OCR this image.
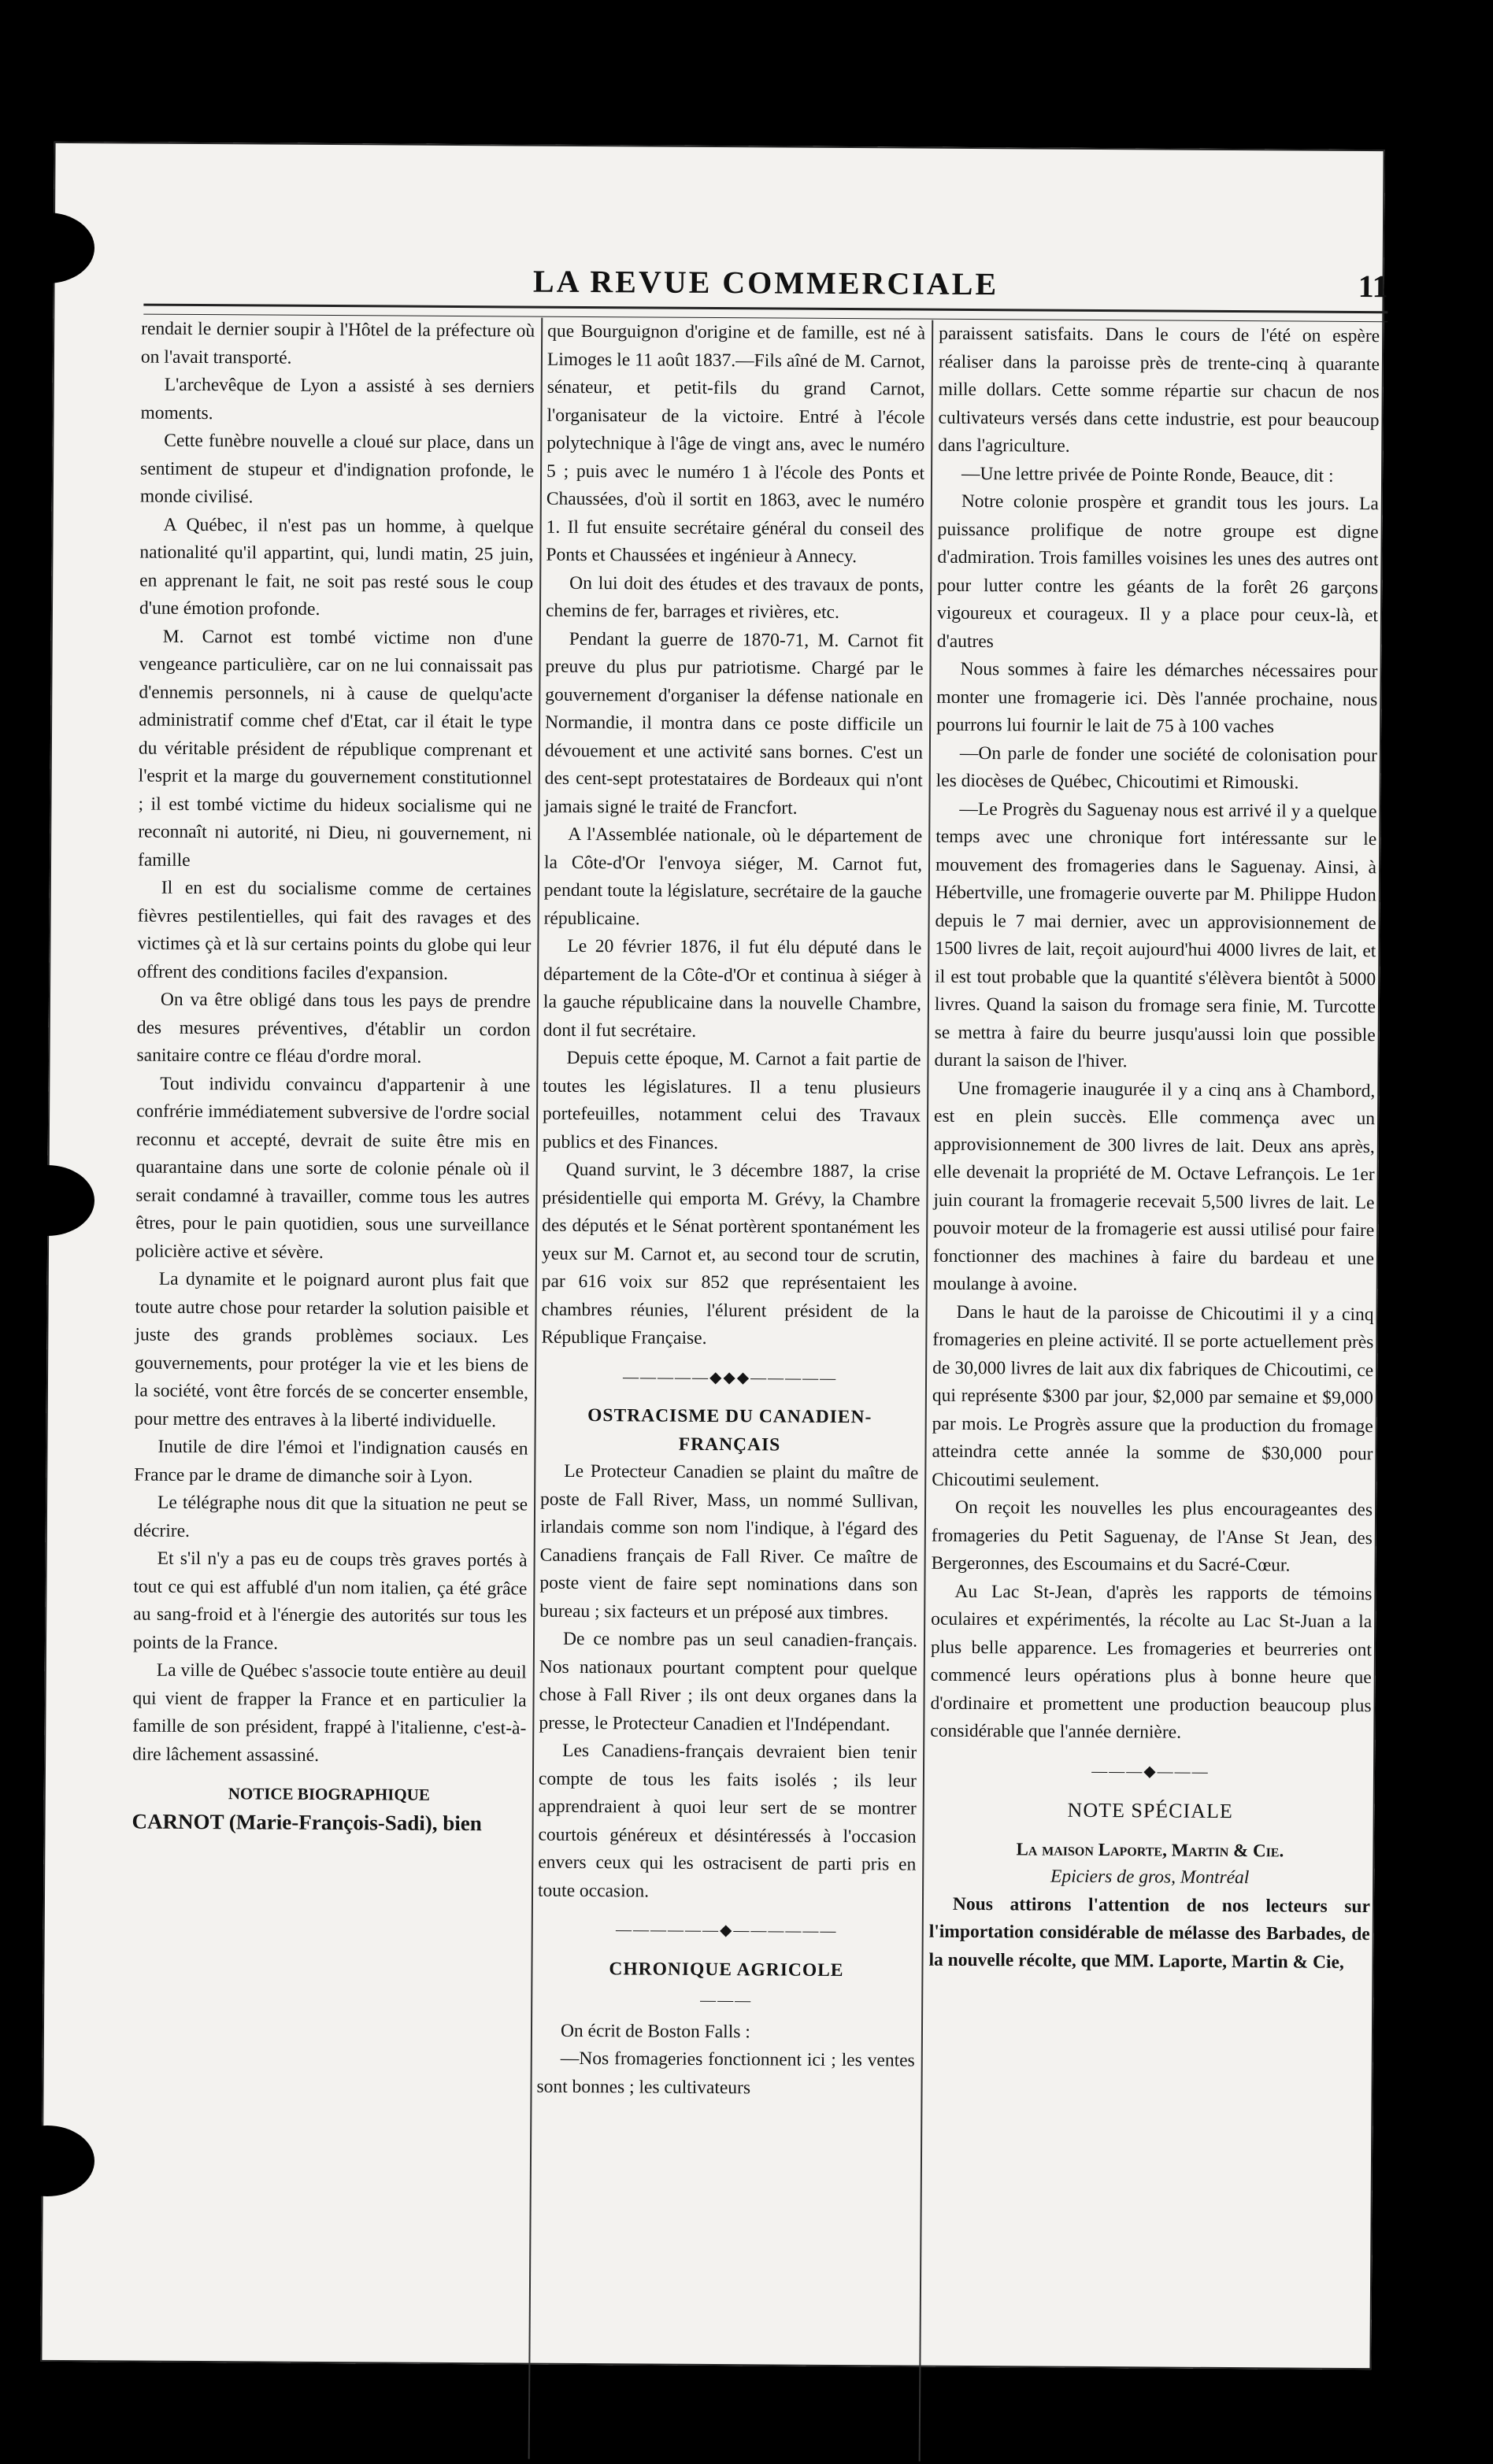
LA REVUE COMMERCIALE	11

rendait le dernier soupir à l'Hôtel de la préfecture où on l'avait transporté.

L'archevêque de Lyon a assisté à ses derniers moments.

Cette funèbre nouvelle a cloué sur place, dans un sentiment de stupeur et d'indignation profonde, le monde civilisé.

A Québec, il n'est pas un homme, à quelque nationalité qu'il appartint, qui, lundi matin, 25 juin, en apprenant le fait, ne soit pas resté sous le coup d'une émotion profonde.

M. Carnot est tombé victime non d'une vengeance particulière, car on ne lui connaissait pas d'ennemis personnels, ni à cause de quelqu'acte administratif comme chef d'Etat, car il était le type du véritable président de république comprenant et l'esprit et la marge du gouvernement constitutionnel ; il est tombé victime du hideux socialisme qui ne reconnaît ni autorité, ni Dieu, ni gouvernement, ni famille

Il en est du socialisme comme de certaines fièvres pestilentielles, qui fait des ravages et des victimes çà et là sur certains points du globe qui leur offrent des conditions faciles d'expansion.

On va être obligé dans tous les pays de prendre des mesures préventives, d'établir un cordon sanitaire contre ce fléau d'ordre moral.

Tout individu convaincu d'appartenir à une confrérie immédiatement subversive de l'ordre social reconnu et accepté, devrait de suite être mis en quarantaine dans une sorte de colonie pénale où il serait condamné à travailler, comme tous les autres êtres, pour le pain quotidien, sous une surveillance policière active et sévère.

La dynamite et le poignard auront plus fait que toute autre chose pour retarder la solution paisible et juste des grands problèmes sociaux. Les gouvernements, pour protéger la vie et les biens de la société, vont être forcés de se concerter ensemble, pour mettre des entraves à la liberté individuelle.

Inutile de dire l'émoi et l'indignation causés en France par le drame de dimanche soir à Lyon.

Le télégraphe nous dit que la situation ne peut se décrire.

Et s'il n'y a pas eu de coups très graves portés à tout ce qui est affublé d'un nom italien, ça été grâce au sang-froid et à l'énergie des autorités sur tous les points de la France.

La ville de Québec s'associe toute entière au deuil qui vient de frapper la France et en particulier la famille de son président, frappé à l'italienne, c'est-à-dire lâchement assassiné.

NOTICE BIOGRAPHIQUE

CARNOT (Marie-François-Sadi), bien

que Bourguignon d'origine et de famille, est né à Limoges le 11 août 1837.—Fils aîné de M. Carnot, sénateur, et petit-fils du grand Carnot, l'organisateur de la victoire. Entré à l'école polytechnique à l'âge de vingt ans, avec le numéro 5 ; puis avec le numéro 1 à l'école des Ponts et Chaussées, d'où il sortit en 1863, avec le numéro 1. Il fut ensuite secrétaire général du conseil des Ponts et Chaussées et ingénieur à Annecy.

On lui doit des études et des travaux de ponts, chemins de fer, barrages et rivières, etc.

Pendant la guerre de 1870-71, M. Carnot fit preuve du plus pur patriotisme. Chargé par le gouvernement d'organiser la défense nationale en Normandie, il montra dans ce poste difficile un dévouement et une activité sans bornes. C'est un des cent-sept protestataires de Bordeaux qui n'ont jamais signé le traité de Francfort.

A l'Assemblée nationale, où le département de la Côte-d'Or l'envoya siéger, M. Carnot fut, pendant toute la législature, secrétaire de la gauche républicaine.

Le 20 février 1876, il fut élu député dans le département de la Côte-d'Or et continua à siéger à la gauche républicaine dans la nouvelle Chambre, dont il fut secrétaire.

Depuis cette époque, M. Carnot a fait partie de toutes les législatures. Il a tenu plusieurs portefeuilles, notamment celui des Travaux publics et des Finances.

Quand survint, le 3 décembre 1887, la crise présidentielle qui emporta M. Grévy, la Chambre des députés et le Sénat portèrent spontanément les yeux sur M. Carnot et, au second tour de scrutin, par 616 voix sur 852 que représentaient les chambres réunies, l'élurent président de la République Française.

—————◆◆◆—————

OSTRACISME DU CANADIEN-FRANÇAIS

Le Protecteur Canadien se plaint du maître de poste de Fall River, Mass, un nommé Sullivan, irlandais comme son nom l'indique, à l'égard des Canadiens français de Fall River. Ce maître de poste vient de faire sept nominations dans son bureau ; six facteurs et un préposé aux timbres.

De ce nombre pas un seul canadien-français. Nos nationaux pourtant comptent pour quelque chose à Fall River ; ils ont deux organes dans la presse, le Protecteur Canadien et l'Indépendant.

Les Canadiens-français devraient bien tenir compte de tous les faits isolés ; ils leur apprendraient à quoi leur sert de se montrer courtois généreux et désintéressés à l'occasion envers ceux qui les ostracisent de parti pris en toute occasion.

——————◆——————

CHRONIQUE AGRICOLE

———

On écrit de Boston Falls :

—Nos fromageries fonctionnent ici ; les ventes sont bonnes ; les cultivateurs

paraissent satisfaits. Dans le cours de l'été on espère réaliser dans la paroisse près de trente-cinq à quarante mille dollars. Cette somme répartie sur chacun de nos cultivateurs versés dans cette industrie, est pour beaucoup dans l'agriculture.

—Une lettre privée de Pointe Ronde, Beauce, dit :

Notre colonie prospère et grandit tous les jours. La puissance prolifique de notre groupe est digne d'admiration. Trois familles voisines les unes des autres ont pour lutter contre les géants de la forêt 26 garçons vigoureux et courageux. Il y a place pour ceux-là, et d'autres

Nous sommes à faire les démarches nécessaires pour monter une fromagerie ici. Dès l'année prochaine, nous pourrons lui fournir le lait de 75 à 100 vaches

—On parle de fonder une société de colonisation pour les diocèses de Québec, Chicoutimi et Rimouski.

—Le Progrès du Saguenay nous est arrivé il y a quelque temps avec une chronique fort intéressante sur le mouvement des fromageries dans le Saguenay. Ainsi, à Hébertville, une fromagerie ouverte par M. Philippe Hudon depuis le 7 mai dernier, avec un approvisionnement de 1500 livres de lait, reçoit aujourd'hui 4000 livres de lait, et il est tout probable que la quantité s'élèvera bientôt à 5000 livres. Quand la saison du fromage sera finie, M. Turcotte se mettra à faire du beurre jusqu'aussi loin que possible durant la saison de l'hiver.

Une fromagerie inaugurée il y a cinq ans à Chambord, est en plein succès. Elle commença avec un approvisionnement de 300 livres de lait. Deux ans après, elle devenait la propriété de M. Octave Lefrançois. Le 1er juin courant la fromagerie recevait 5,500 livres de lait. Le pouvoir moteur de la fromagerie est aussi utilisé pour faire fonctionner des machines à faire du bardeau et une moulange à avoine.

Dans le haut de la paroisse de Chicoutimi il y a cinq fromageries en pleine activité. Il se porte actuellement près de 30,000 livres de lait aux dix fabriques de Chicoutimi, ce qui représente $300 par jour, $2,000 par semaine et $9,000 par mois. Le Progrès assure que la production du fromage atteindra cette année la somme de $30,000 pour Chicoutimi seulement.

On reçoit les nouvelles les plus encourageantes des fromageries du Petit Saguenay, de l'Anse St Jean, des Bergeronnes, des Escoumains et du Sacré-Cœur.

Au Lac St-Jean, d'après les rapports de témoins oculaires et expérimentés, la récolte au Lac St-Juan a la plus belle apparence. Les fromageries et beurreries ont commencé leurs opérations plus à bonne heure que d'ordinaire et promettent une production beaucoup plus considérable que l'année dernière.

———◆———

NOTE SPÉCIALE

La maison Laporte, Martin & Cie.

Epiciers de gros, Montréal

Nous attirons l'attention de nos lecteurs sur l'importation considérable de mélasse des Barbades, de la nouvelle récolte, que MM. Laporte, Martin & Cie,
